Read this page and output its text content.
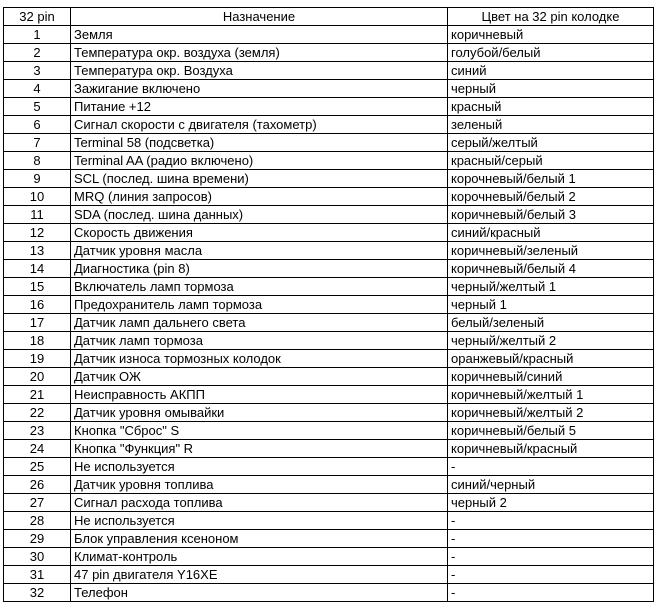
32 pin	Назначение	Цвет на 32 pin колодке
1	Земля	коричневый
2	Температура окр. воздуха (земля)	голубой/белый
3	Температура окр. Воздуха	синий
4	Зажигание включено	черный
5	Питание +12	красный
6	Сигнал скорости с двигателя (тахометр)	зеленый
7	Terminal 58 (подсветка)	серый/желтый
8	Terminal AA (радио включено)	красный/серый
9	SCL (послед. шина времени)	корочневый/белый 1
10	MRQ (линия запросов)	корочневый/белый 2
11	SDA (послед. шина данных)	коричневый/белый 3
12	Скорость движения	синий/красный
13	Датчик уровня масла	коричневый/зеленый
14	Диагностика (pin 8)	коричневый/белый 4
15	Включатель ламп тормоза	черный/желтый 1
16	Предохранитель ламп тормоза	черный 1
17	Датчик ламп дальнего света	белый/зеленый
18	Датчик ламп тормоза	черный/желтый 2
19	Датчик износа тормозных колодок	оранжевый/красный
20	Датчик ОЖ	коричневый/синий
21	Неисправность АКПП	коричневый/желтый 1
22	Датчик уровня омывайки	коричневый/желтый 2
23	Кнопка "Сброс" S	коричневый/белый 5
24	Кнопка "Функция" R	коричневый/красный
25	Не используется	-
26	Датчик уровня топлива	синий/черный
27	Сигнал расхода топлива	черный 2
28	Не используется	-
29	Блок управления ксеноном	-
30	Климат-контроль	-
31	47 pin двигателя Y16XE	-
32	Телефон	-
